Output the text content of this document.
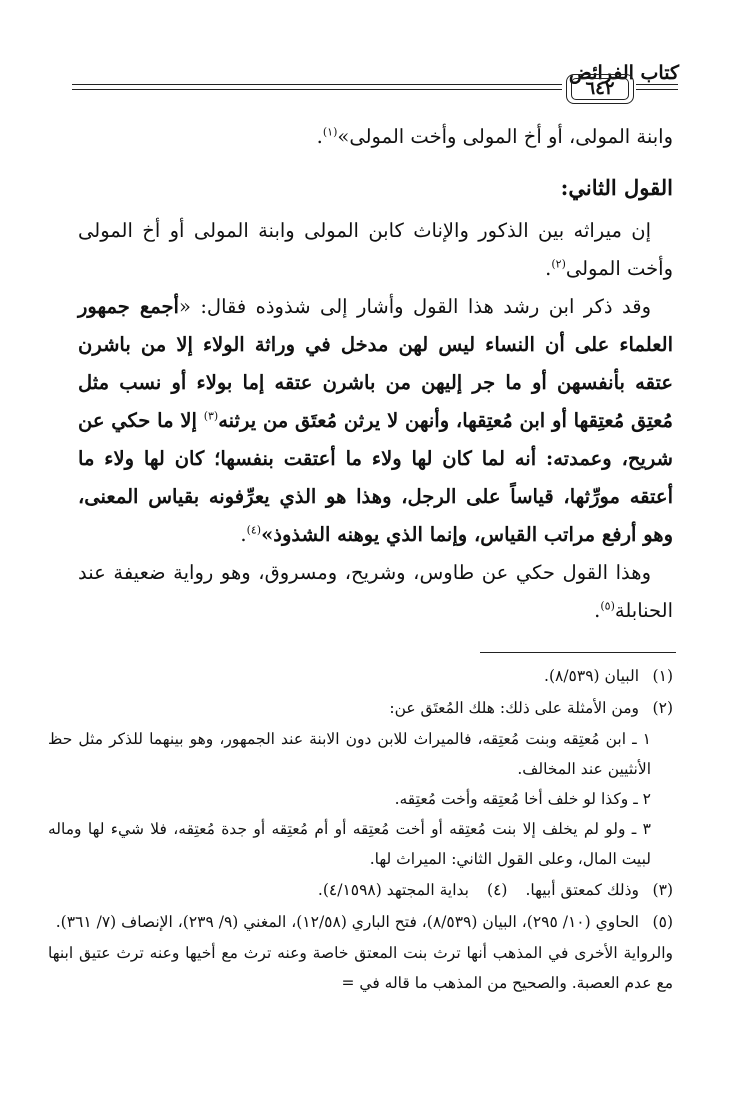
كتاب الفرائض
٦٤٢

وابنة المولى، أو أخ المولى وأخت المولى»$^{(١)}$.

القول الثاني:

إن ميراثه بين الذكور والإناث كابن المولى وابنة المولى أو أخ المولى وأخت المولى$^{(٢)}$.

وقد ذكر ابن رشد هذا القول وأشار إلى شذوذه فقال: «أجمع جمهور العلماء على أن النساء ليس لهن مدخل في وراثة الولاء إلا من باشرن عتقه بأنفسهن أو ما جر إليهن من باشرن عتقه إما بولاء أو نسب مثل مُعتِق مُعتِقها أو ابن مُعتِقها، وأنهن لا يرثن مُعتَق من يرثنه$^{(٣)}$ إلا ما حكي عن شريح، وعمدته: أنه لما كان لها ولاء ما أعتقت بنفسها؛ كان لها ولاء ما أعتقه مورِّثها، قياساً على الرجل، وهذا هو الذي يعرِّفونه بقياس المعنى، وهو أرفع مراتب القياس، وإنما الذي يوهنه الشذوذ»$^{(٤)}$.

وهذا القول حكي عن طاوس، وشريح، ومسروق، وهو رواية ضعيفة عند الحنابلة$^{(٥)}$.

(١)
البيان (٨/٥٣٩).

(٢)
ومن الأمثلة على ذلك: هلك المُعتَق عن:

١ ـ ابن مُعتِقه وبنت مُعتِقه، فالميراث للابن دون الابنة عند الجمهور، وهو بينهما للذكر مثل حظ الأنثيين عند المخالف.

٢ ـ وكذا لو خلف أخا مُعتِقه وأخت مُعتِقه.

٣ ـ ولو لم يخلف إلا بنت مُعتِقه أو أخت مُعتِقه أو أم مُعتِقه أو جدة مُعتِقه، فلا شيء لها وماله لبيت المال، وعلى القول الثاني: الميراث لها.

(٣)
وذلك كمعتق أبيها.
(٤)
بداية المجتهد (٤/١٥٩٨).

(٥)
الحاوي (١٠/ ٢٩٥)، البيان (٨/٥٣٩)، فتح الباري (١٢/٥٨)، المغني (٩/ ٢٣٩)، الإنصاف (٧/ ٣٦١).

والرواية الأخرى في المذهب أنها ترث بنت المعتق خاصة وعنه ترث مع أخيها وعنه ترث عتيق ابنها مع عدم العصبة. والصحيح من المذهب ما قاله في =
